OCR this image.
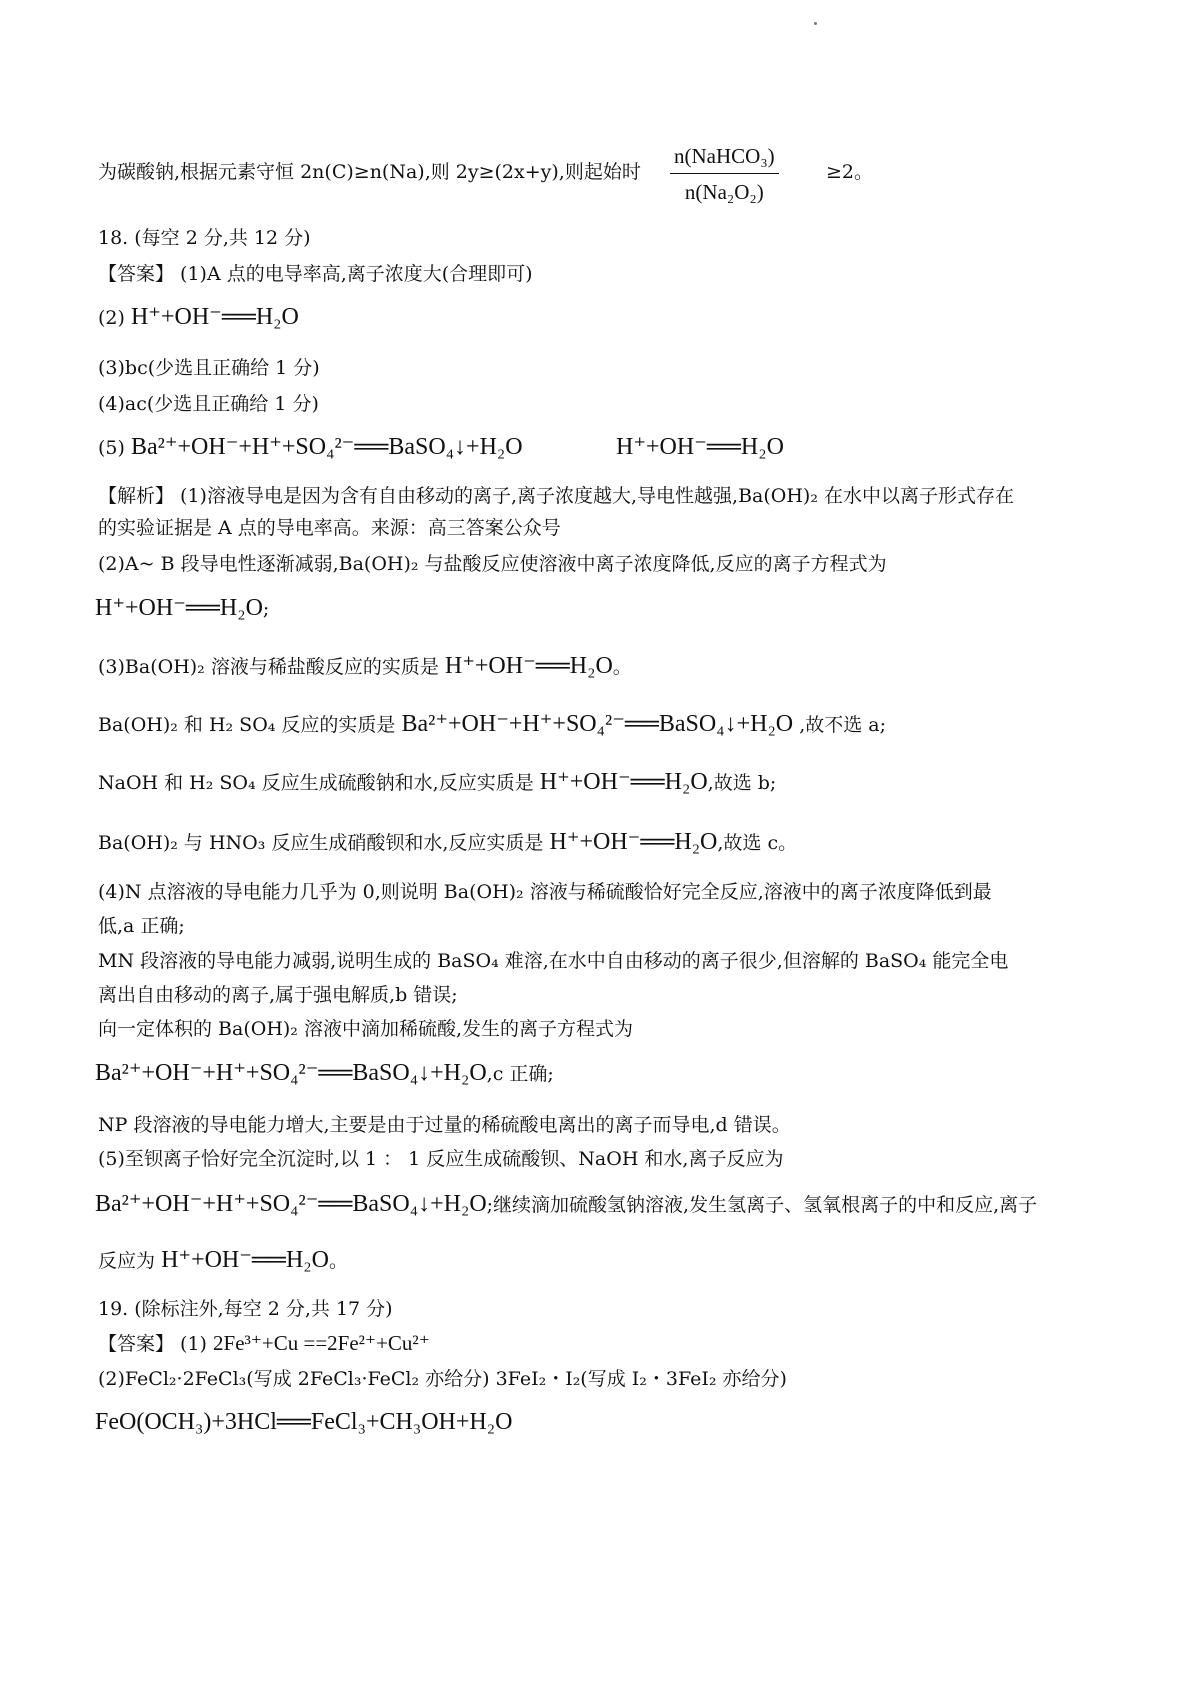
为碳酸钠,根据元素守恒 2n(C)≥n(Na),则 2y≥(2x+y),则起始时	≥2。
n(NaHCO₃)
n(Na₂O₂)
18. (每空 2 分,共 12 分)
【答案】 (1)A 点的电导率高,离子浓度大(合理即可)
(2) H⁺+OH⁻══H₂O
(3)bc(少选且正确给 1 分)
(4)ac(少选且正确给 1 分)
(5) Ba²⁺+OH⁻+H⁺+SO₄²⁻══BaSO₄↓+H₂O	H⁺+OH⁻══H₂O
【解析】 (1)溶液导电是因为含有自由移动的离子,离子浓度越大,导电性越强,Ba(OH)₂ 在水中以离子形式存在
的实验证据是 A 点的导电率高。来源：高三答案公众号
(2)A~ B 段导电性逐渐减弱,Ba(OH)₂ 与盐酸反应使溶液中离子浓度降低,反应的离子方程式为
H⁺+OH⁻══H₂O;
(3)Ba(OH)₂ 溶液与稀盐酸反应的实质是 H⁺+OH⁻══H₂O。
Ba(OH)₂ 和 H₂ SO₄ 反应的实质是 Ba²⁺+OH⁻+H⁺+SO₄²⁻══BaSO₄↓+H₂O ,故不选 a;
NaOH 和 H₂ SO₄ 反应生成硫酸钠和水,反应实质是 H⁺+OH⁻══H₂O,故选 b;
Ba(OH)₂ 与 HNO₃ 反应生成硝酸钡和水,反应实质是 H⁺+OH⁻══H₂O,故选 c。
(4)N 点溶液的导电能力几乎为 0,则说明 Ba(OH)₂ 溶液与稀硫酸恰好完全反应,溶液中的离子浓度降低到最
低,a 正确;
MN 段溶液的导电能力减弱,说明生成的 BaSO₄ 难溶,在水中自由移动的离子很少,但溶解的 BaSO₄ 能完全电
离出自由移动的离子,属于强电解质,b 错误;
向一定体积的 Ba(OH)₂ 溶液中滴加稀硫酸,发生的离子方程式为
Ba²⁺+OH⁻+H⁺+SO₄²⁻══BaSO₄↓+H₂O,c 正确;
NP 段溶液的导电能力增大,主要是由于过量的稀硫酸电离出的离子而导电,d 错误。
(5)至钡离子恰好完全沉淀时,以 1 ： 1 反应生成硫酸钡、NaOH 和水,离子反应为
Ba²⁺+OH⁻+H⁺+SO₄²⁻══BaSO₄↓+H₂O;继续滴加硫酸氢钠溶液,发生氢离子、氢氧根离子的中和反应,离子
反应为 H⁺+OH⁻══H₂O。
19. (除标注外,每空 2 分,共 17 分)
【答案】 (1) 2Fe³⁺+Cu ==2Fe²⁺+Cu²⁺
(2)FeCl₂·2FeCl₃(写成 2FeCl₃·FeCl₂ 亦给分) 3FeI₂・I₂(写成 I₂・3FeI₂ 亦给分)
FeO(OCH₃)+3HCl══FeCl₃+CH₃OH+H₂O
